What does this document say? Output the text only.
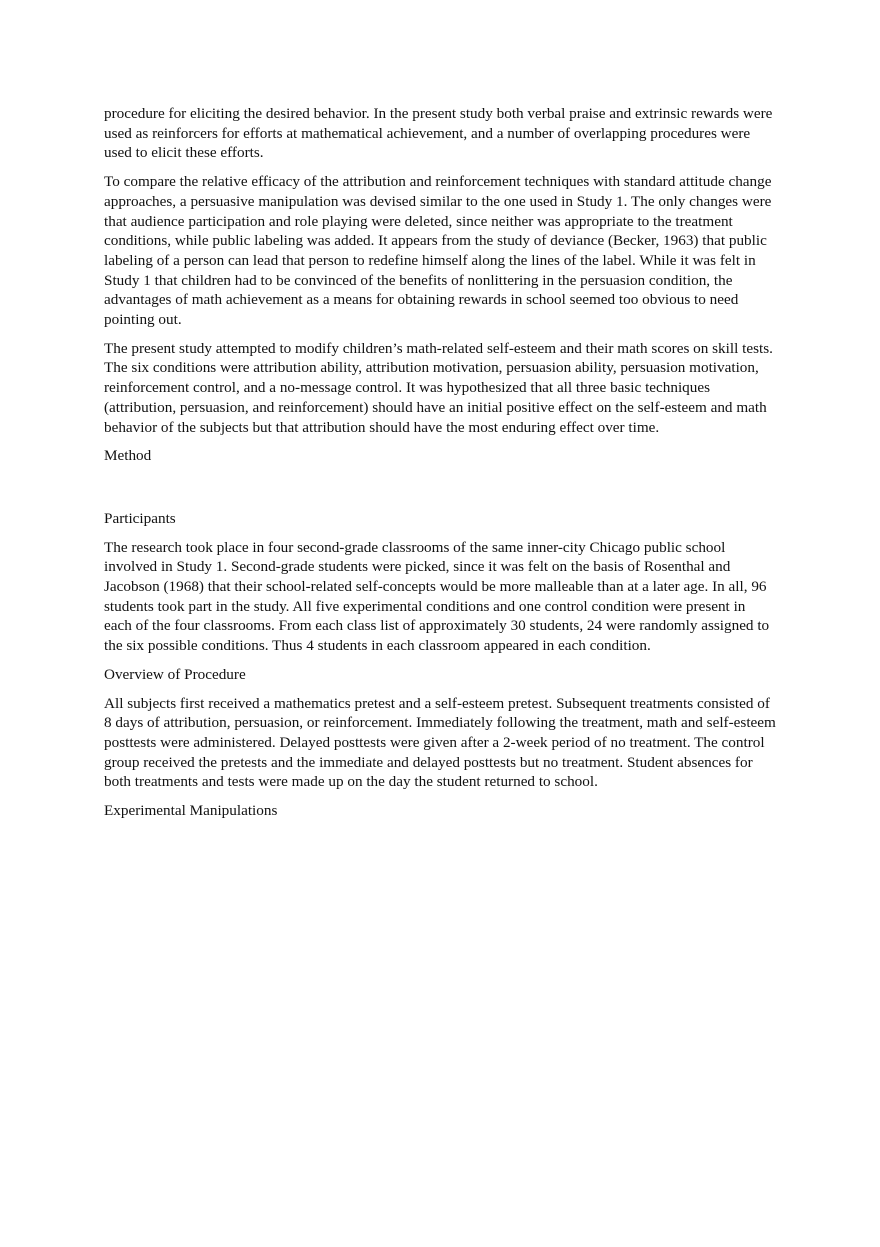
procedure for eliciting the desired behavior. In the present study both verbal praise and extrinsic rewards were used as reinforcers for efforts at mathematical achievement, and a number of overlapping procedures were used to elicit these efforts.

To compare the relative efficacy of the attribution and reinforcement techniques with standard attitude change approaches, a persuasive manipulation was devised similar to the one used in Study 1. The only changes were that audience participation and role playing were deleted, since neither was appropriate to the treatment conditions, while public labeling was added. It appears from the study of deviance (Becker, 1963) that public labeling of a person can lead that person to redefine himself along the lines of the label. While it was felt in Study 1 that children had to be convinced of the benefits of nonlittering in the persuasion condition, the advantages of math achievement as a means for obtaining rewards in school seemed too obvious to need pointing out.

The present study attempted to modify children’s math-related self-esteem and their math scores on skill tests. The six conditions were attribution ability, attribution motivation, persuasion ability, persuasion motivation, reinforcement control, and a no-message control. It was hypothesized that all three basic techniques (attribution, persuasion, and reinforcement) should have an initial positive effect on the self-esteem and math behavior of the subjects but that attribution should have the most enduring effect over time.

Method

Participants

The research took place in four second-grade classrooms of the same inner-city Chicago public school involved in Study 1. Second-grade students were picked, since it was felt on the basis of Rosenthal and Jacobson (1968) that their school-related self-concepts would be more malleable than at a later age. In all, 96 students took part in the study. All five experimental conditions and one control condition were present in each of the four classrooms. From each class list of approximately 30 students, 24 were randomly assigned to the six possible conditions. Thus 4 students in each classroom appeared in each condition.

Overview of Procedure

All subjects first received a mathematics pretest and a self-esteem pretest. Subsequent treatments consisted of 8 days of attribution, persuasion, or reinforcement. Immediately following the treatment, math and self-esteem posttests were administered. Delayed posttests were given after a 2-week period of no treatment. The control group received the pretests and the immediate and delayed posttests but no treatment. Student absences for both treatments and tests were made up on the day the student returned to school.

Experimental Manipulations
